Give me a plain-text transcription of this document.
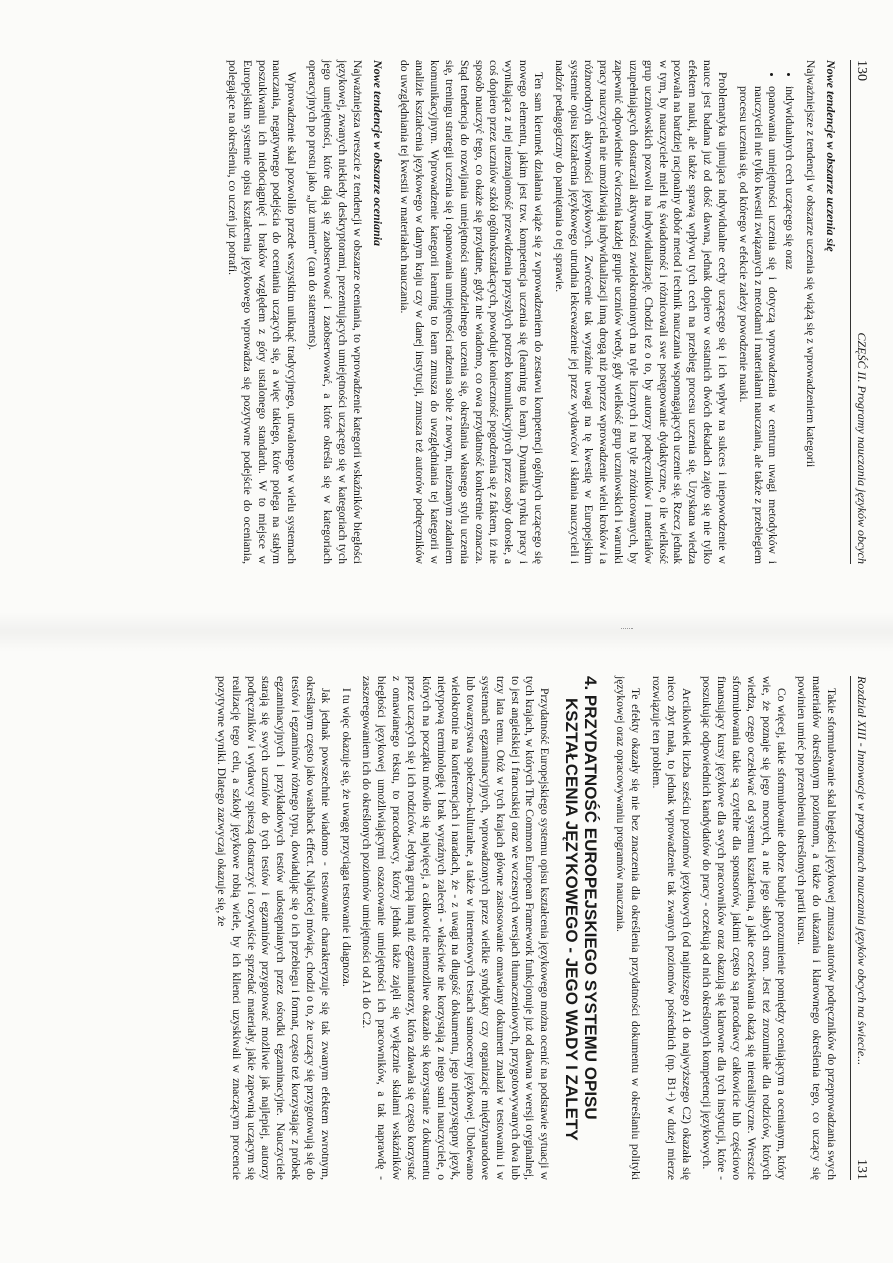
130
CZĘŚĆ II. Programy nauczania języków obcych
Nowe tendencje w obszarze uczenia się

Najważniejsze z tendencji w obszarze uczenia się wiążą się z wprowadzeniem kategorii

• indywidualnych cech uczącego się oraz
• opanowania umiejętności uczenia się i dotyczą wprowadzenia w centrum uwagi metodyków i nauczycieli nie tylko kwestii związanych z metodami i materiałami nauczania, ale także z przebiegiem procesu uczenia się, od którego w efekcie zależy powodzenie nauki.

Problematyka ujmująca indywidualne cechy uczącego się i ich wpływ na sukces i niepowodzenie w nauce jest badana już od dość dawna, jednak dopiero w ostatnich dwóch dekadach zajęto się nie tylko efektem nauki, ale także sprawą wpływu tych cech na przebieg procesu uczenia się. Uzyskana wiedza pozwala na bardziej racjonalny dobór metod i technik nauczania wspomagających uczenie się. Rzecz jednak w tym, by nauczyciele mieli tę świadomość i różnicowali swe postępowanie dydaktyczne, o ile wielkość grup uczniowskich pozwoli na indywidualizację. Chodzi też o to, by autorzy podręczników i materiałów uzupełniających dostarczali aktywności zwielokrotnionych na tyle licznych i na tyle zróżnicowanych, by zapewnić odpowiednie ćwiczenia każdej grupie uczniów wtedy, gdy wielkość grup uczniowskich i warunki pracy nauczyciela nie umożliwiają indywidualizacji inną drogą niż poprzez wprowadzenie wielu kroków i a różnorodnych aktywności językowych. Zwrócenie tak wyraźnie uwagi na tę kwestię w Europejskim systemie opisu kształcenia językowego utrudnia lekceważenie jej przez wydawców i skłania nauczycieli i nadzór pedagogiczny do pamiętania o tej sprawie.

Ten sam kierunek działania wiąże się z wprowadzeniem do zestawu kompetencji ogólnych uczącego się nowego elementu, jakim jest tzw. kompetencja uczenia się (learning to learn). Dynamika rynku pracy i wynikająca z niej nieznajomość przewidzenia przyszłych potrzeb komunikacyjnych przez osoby dorosłe, a coś dopiero przez uczniów szkół ogólnokształcących, powoduje konieczność pogodzenia się z faktem, iż nie sposób nauczyć tego, co okaże się przydatne, gdyż nie wiadomo, co owa przydatność konkretnie oznacza. Stąd tendencja do rozwijania umiejętności samodzielnego uczenia się, określania własnego stylu uczenia się, treningu strategii uczenia się i opanowania umiejętności radzenia sobie z nowym, nieznanym zadaniem komunikacyjnym. Wprowadzenie kategorii learning to learn zmusza do uwzględniania tej kategorii w analizie kształcenia językowego w danym kraju czy w danej instytucji, zmusza też autorów podręczników do uwzględniania tej kwestii w materiałach nauczania.

Nowe tendencje w obszarze oceniania

Najważniejsza wreszcie z tendencji w obszarze oceniania, to wprowadzenie kategorii wskaźników biegłości językowej, zwanych niekiedy deskryptorami, prezentujących umiejętności uczącego się w kategoriach tych jego umiejętności, które dają się zaobserwować i zaobserwować, a które określa się w kategoriach operacyjnych po prostu jako „już umiem” (can do statements).

Wprowadzenie skal pozwoliło przede wszystkim uniknąć tradycyjnego, utrwalonego w wielu systemach nauczania, negatywnego podejścia do oceniania uczących się, a więc takiego, które polega na stałym poszukiwaniu ich niedociągnięć i braków względem z góry ustalonego standardu. W to miejsce w Europejskim systemie opisu kształcenia językowego wprowadza się pozytywne podejście do oceniania, polegające na określeniu, co uczeń już potrafi.

Rozdział XIII - Innowacje w programach nauczania języków obcych na świecie...
131

Takie sformułowanie skal biegłości językowej zmusza autorów podręczników do przeprowadzania swych materiałów określonym poziomom, a także do ukazania i klarownego określenia tego, co uczący się powinien umieć po przerobieniu określonych partii kursu.

Co więcej, takie sformułowanie dobrze buduje porozumienie pomiędzy oceniającym a ocenianym, który wie, że poznaje się jego mocnych, a nie jego słabych stron. Jest też zrozumiałe dla rodziców, których wiedza, czego oczekiwać od systemu kształcenia, a jakie oczekiwania okażą się nierealistyczne. Wreszcie sformułowania takie są czytelne dla sponsorów, jakimi często są pracodawcy całkowicie lub częściowo finansujący kursy językowe dla swych pracowników oraz okazują się klarowne dla tych instytucji, które - poszukując odpowiednich kandydatów do pracy - oczekują od nich określonych kompetencji językowych.

Arcikolwiek liczba sześciu poziomów językowych (od najniższego A1 do najwyższego C2) okazała się nieco zbyt mała, to jednak wprowadzenie tak zwanych poziomów pośrednich (np. B1+) w dużej mierze rozwiązuje ten problem.

Te efekty okazały się nie bez znaczenia dla określenia przydatności dokumentu w określaniu polityki językowej oraz opracowywaniu programów nauczania.

4. PRZYDATNOŚĆ EUROPEJSKIEGO SYSTEMU OPISU
KSZTAŁCENIA JĘZYKOWEGO - JEGO WADY I ZALETY

Przydatność Europejskiego systemu opisu kształcenia językowego można ocenić na podstawie sytuacji w tych krajach, w których The Common European Framework funkcjonuje już od dawna w wersji oryginalnej, to jest angielskiej i francuskiej oraz we wczesnych wersjach tłumaczeniowych, przygotowywanych dwa lub trzy lata temu. Otóż w tych krajach główne zastosowanie omawiany dokument znalazł w testowaniu i w systemach egzaminacyjnych, wprowadzonych przez wielkie syndykaty czy organizacje międzynarodowe lub towarzystwa społeczno-kulturalne, a także w internetowych testach samooceny językowej. Ubolewano wielokrotnie na konferencjach i naradach, że - z uwagi na długość dokumentu, jego nieprzystępny język, nietypową terminologię i brak wyraźnych zaleceń - właściwie nie korzystają z niego sami nauczyciele, o których na początku mówiło się najwięcej, a całkowicie niemożliwe okazało się korzystanie z dokumentu przez uczących się i ich rodziców. Jedyną grupą inną niż egzaminatorzy, która zdawała się często korzystać z omawianego tekstu, to pracodawcy, którzy jednak także zajęli się wyłącznie skalami wskaźników biegłości językowej umożliwiającymi oszacowanie umiejętności ich pracowników, a tak naprawdę - zaszeregowaniem ich do określonych poziomów umiejętności od A1 do C2.

I tu więc okazuje się, że uwagę przyciąga testowanie i diagnoza.

Jak jednak powszechnie wiadomo - testowanie charakteryzuje się tak zwanym efektem zwrotnym, określanym często jako washback effect. Najkrócej mówiąc, chodzi o to, że uczący się przygotowują się do testów i egzaminów różnego typu, dowiadując się o ich przebiegu i format, często też korzystając z próbek egzaminacyjnych i przykładowych testów udostępnianych przez ośrodki egzaminacyjne. Nauczyciele starają się swych uczniów do tych testów i egzaminów przygotować możliwie jak najlepiej, autorzy podręczników i wydawcy spieszą dostarczyć i oczywiście sprzedać materiały, jakie zapewnią uczącym się realizację tego celu, a szkoły językowe robią wiele, by ich klienci uzyskiwali w znaczącym procencie pozytywne wyniki. Dlatego zazwyczaj okazuje się, że
